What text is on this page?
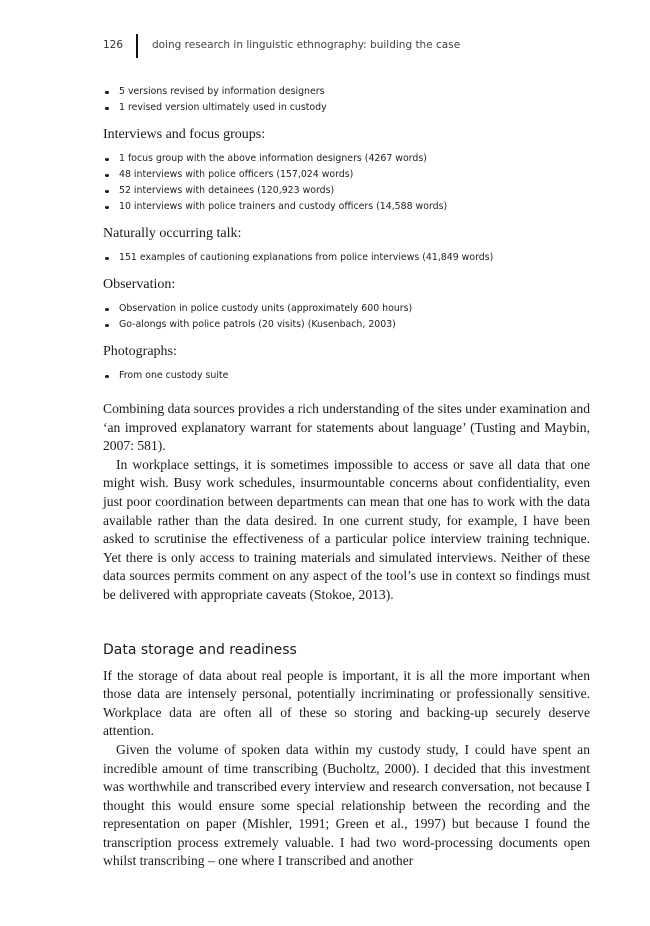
126	doing research in linguistic ethnography: building the case
5 versions revised by information designers
1 revised version ultimately used in custody
Interviews and focus groups:
1 focus group with the above information designers (4267 words)
48 interviews with police officers (157,024 words)
52 interviews with detainees (120,923 words)
10 interviews with police trainers and custody officers (14,588 words)
Naturally occurring talk:
151 examples of cautioning explanations from police interviews (41,849 words)
Observation:
Observation in police custody units (approximately 600 hours)
Go-alongs with police patrols (20 visits) (Kusenbach, 2003)
Photographs:
From one custody suite

Combining data sources provides a rich understanding of the sites under examination and ‘an improved explanatory warrant for statements about language’ (Tusting and Maybin, 2007: 581).

In workplace settings, it is sometimes impossible to access or save all data that one might wish. Busy work schedules, insurmountable concerns about confidentiality, even just poor coordination between departments can mean that one has to work with the data available rather than the data desired. In one current study, for example, I have been asked to scrutinise the effectiveness of a particular police interview training technique. Yet there is only access to training materials and simulated interviews. Neither of these data sources permits comment on any aspect of the tool’s use in context so findings must be delivered with appropriate caveats (Stokoe, 2013).

Data storage and readiness

If the storage of data about real people is important, it is all the more important when those data are intensely personal, potentially incriminating or professionally sensitive. Workplace data are often all of these so storing and backing-up securely deserve attention.

Given the volume of spoken data within my custody study, I could have spent an incredible amount of time transcribing (Bucholtz, 2000). I decided that this investment was worthwhile and transcribed every interview and research conversation, not because I thought this would ensure some special relationship between the recording and the representation on paper (Mishler, 1991; Green et al., 1997) but because I found the transcription process extremely valuable. I had two word-processing documents open whilst transcribing – one where I transcribed and another
